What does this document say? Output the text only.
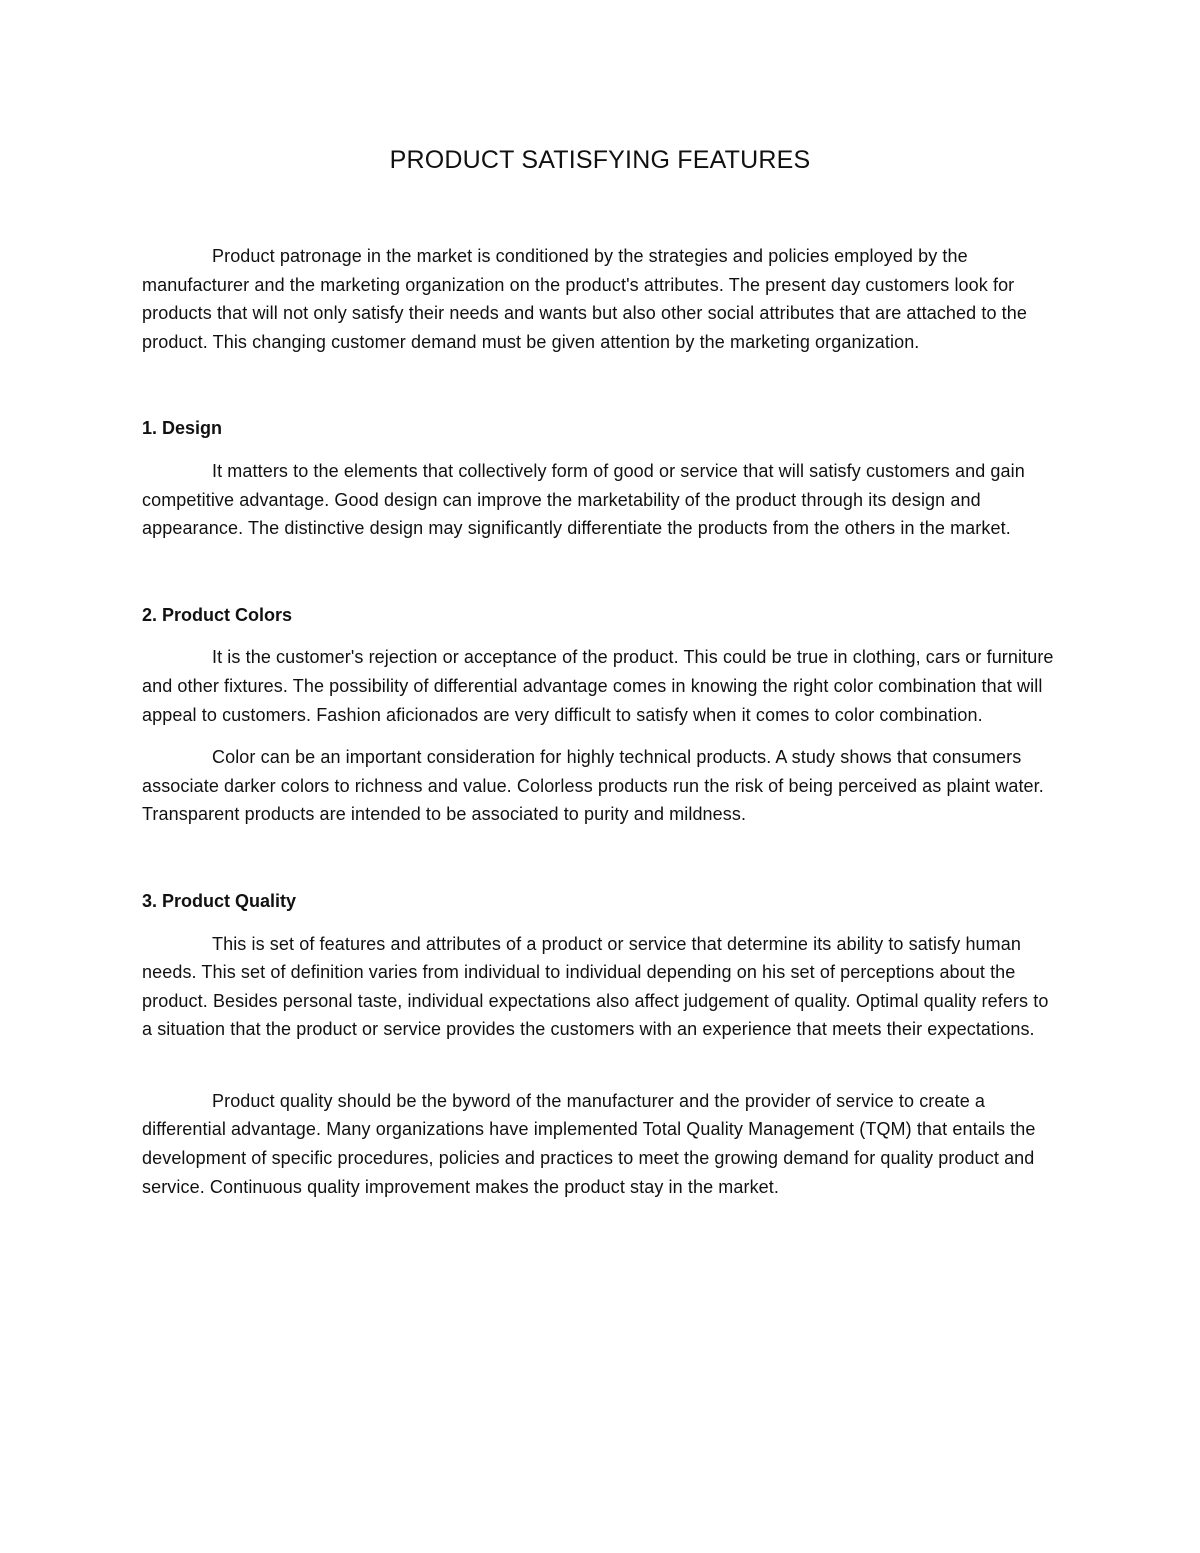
PRODUCT SATISFYING FEATURES

Product patronage in the market is conditioned by the strategies and policies employed by the manufacturer and the marketing organization on the product's attributes. The present day customers look for products that will not only satisfy their needs and wants but also other social attributes that are attached to the product. This changing customer demand must be given attention by the marketing organization.

1. Design

It matters to the elements that collectively form of good or service that will satisfy customers and gain competitive advantage. Good design can improve the marketability of the product through its design and appearance. The distinctive design may significantly differentiate the products from the others in the market.

2. Product Colors

It is the customer's rejection or acceptance of the product. This could be true in clothing, cars or furniture and other fixtures. The possibility of differential advantage comes in knowing the right color combination that will appeal to customers. Fashion aficionados are very difficult to satisfy when it comes to color combination.

Color can be an important consideration for highly technical products. A study shows that consumers associate darker colors to richness and value. Colorless products run the risk of being perceived as plaint water. Transparent products are intended to be associated to purity and mildness.

3. Product Quality

This is set of features and attributes of a product or service that determine its ability to satisfy human needs. This set of definition varies from individual to individual depending on his set of perceptions about the product. Besides personal taste, individual expectations also affect judgement of quality. Optimal quality refers to a situation that the product or service provides the customers with an experience that meets their expectations.

Product quality should be the byword of the manufacturer and the provider of service to create a differential advantage. Many organizations have implemented Total Quality Management (TQM) that entails the development of specific procedures, policies and practices to meet the growing demand for quality product and service. Continuous quality improvement makes the product stay in the market.
